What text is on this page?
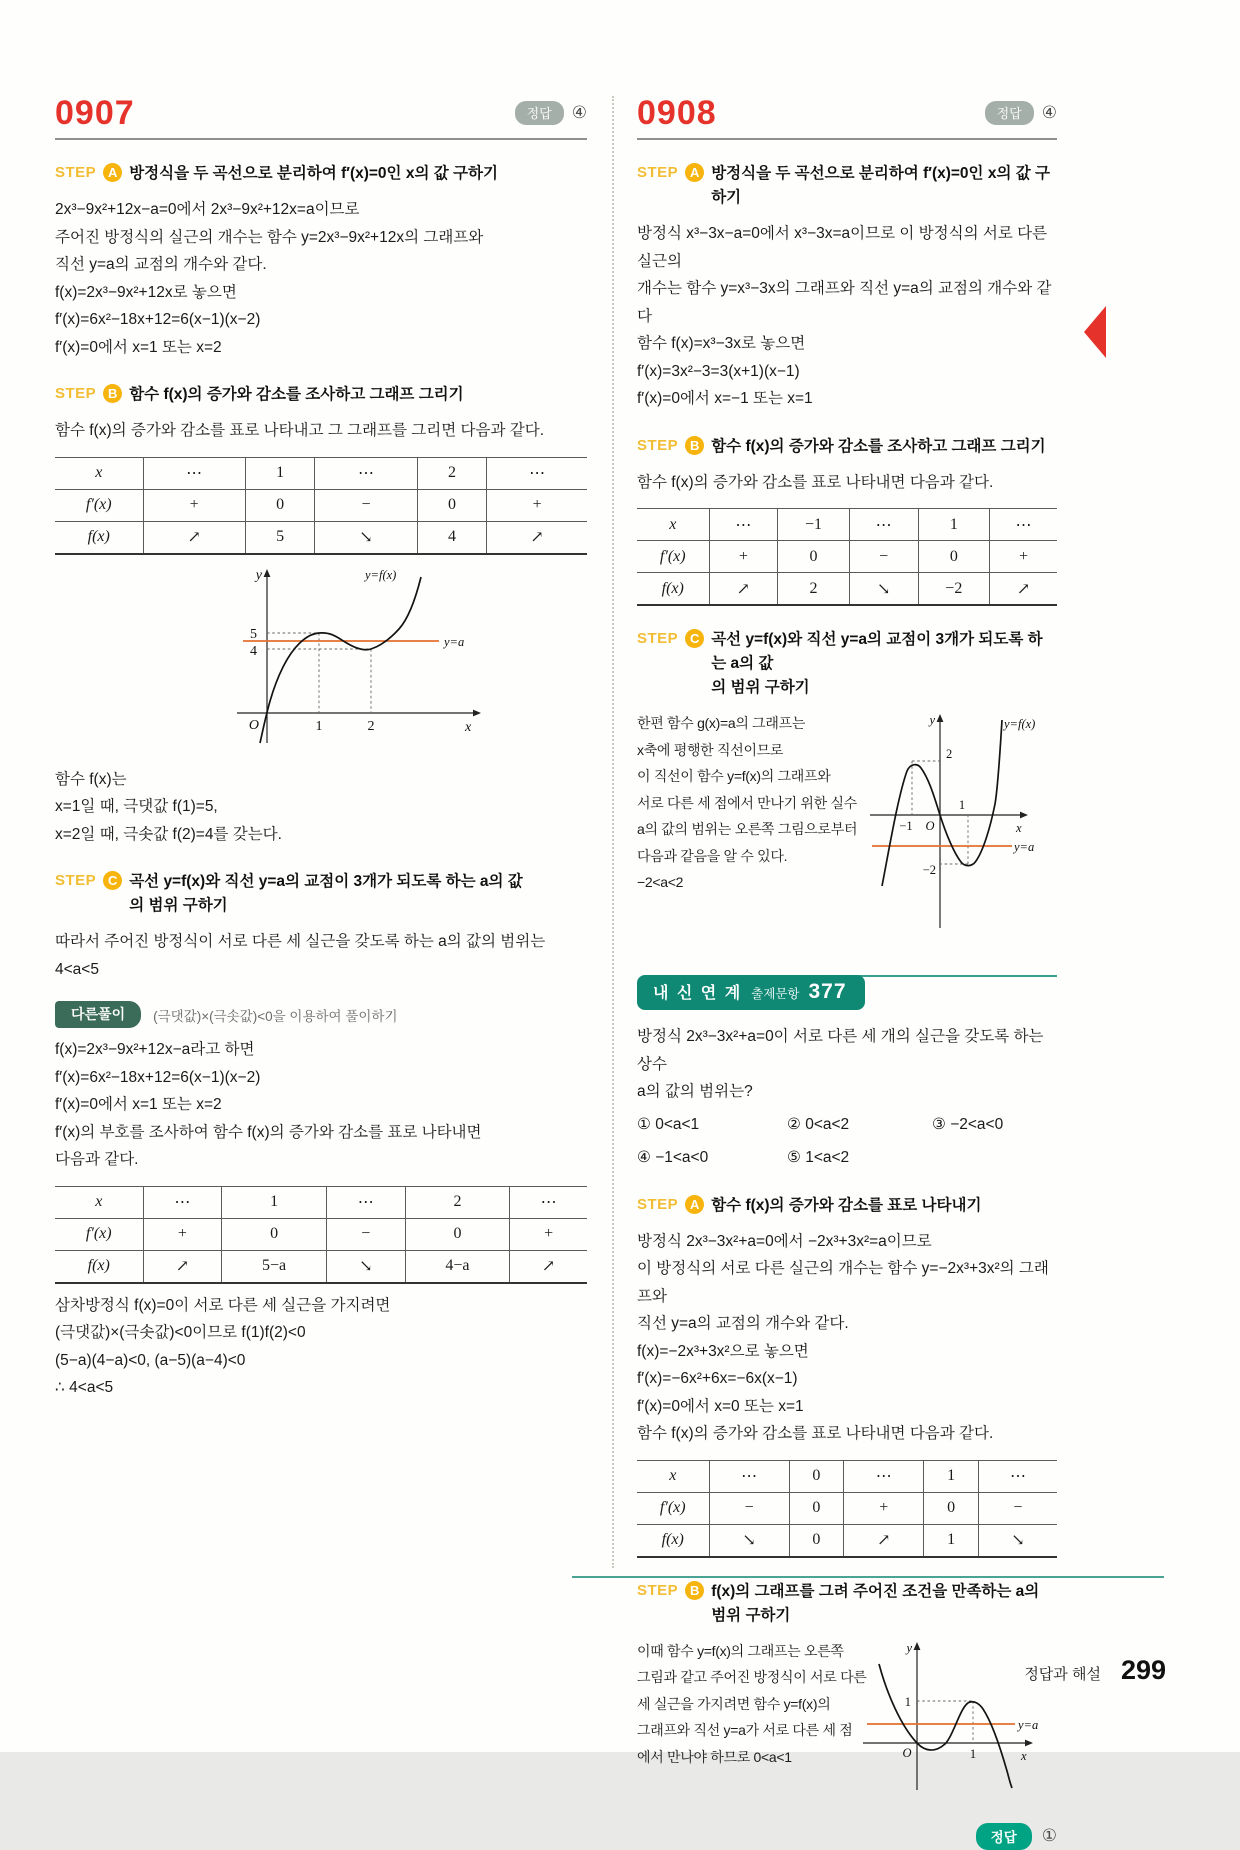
0907	정답	④
STEP A 방정식을 두 곡선으로 분리하여 f′(x)=0인 x의 값 구하기
2x³−9x²+12x−a=0에서 2x³−9x²+12x=a이므로
주어진 방정식의 실근의 개수는 함수 y=2x³−9x²+12x의 그래프와
직선 y=a의 교점의 개수와 같다.
f(x)=2x³−9x²+12x로 놓으면
f′(x)=6x²−18x+12=6(x−1)(x−2)
f′(x)=0에서 x=1 또는 x=2
STEP B 함수 f(x)의 증가와 감소를 조사하고 그래프 그리기
함수 f(x)의 증가와 감소를 표로 나타내고 그 그래프를 그리면 다음과 같다.
x	⋯	1	⋯	2	⋯
f′(x)	+	0	−	0	+
f(x)	↗	5	↘	4	↗
5
4
1	2
O
y
x
y=f(x)
y=a
함수 f(x)는
x=1일 때, 극댓값 f(1)=5,
x=2일 때, 극솟값 f(2)=4를 갖는다.
STEP C 곡선 y=f(x)와 직선 y=a의 교점이 3개가 되도록 하는 a의 값
의 범위 구하기
따라서 주어진 방정식이 서로 다른 세 실근을 갖도록 하는 a의 값의 범위는
4<a<5
다른풀이	(극댓값)×(극솟값)<0을 이용하여 풀이하기
f(x)=2x³−9x²+12x−a라고 하면
f′(x)=6x²−18x+12=6(x−1)(x−2)
f′(x)=0에서 x=1 또는 x=2
f′(x)의 부호를 조사하여 함수 f(x)의 증가와 감소를 표로 나타내면
다음과 같다.
x	⋯	1	⋯	2	⋯
f′(x)	+	0	−	0	+
f(x)	↗	5−a	↘	4−a	↗
삼차방정식 f(x)=0이 서로 다른 세 실근을 가지려면
(극댓값)×(극솟값)<0이므로 f(1)f(2)<0
(5−a)(4−a)<0, (a−5)(a−4)<0
∴ 4<a<5
0908	정답	④
STEP A 방정식을 두 곡선으로 분리하여 f′(x)=0인 x의 값 구하기
방정식 x³−3x−a=0에서 x³−3x=a이므로 이 방정식의 서로 다른 실근의
개수는 함수 y=x³−3x의 그래프와 직선 y=a의 교점의 개수와 같다
함수 f(x)=x³−3x로 놓으면
f′(x)=3x²−3=3(x+1)(x−1)
f′(x)=0에서 x=−1 또는 x=1
STEP B 함수 f(x)의 증가와 감소를 조사하고 그래프 그리기
함수 f(x)의 증가와 감소를 표로 나타내면 다음과 같다.
x	⋯	−1	⋯	1	⋯
f′(x)	+	0	−	0	+
f(x)	↗	2	↘	−2	↗
STEP C 곡선 y=f(x)와 직선 y=a의 교점이 3개가 되도록 하는 a의 값
의 범위 구하기
한편 함수 g(x)=a의 그래프는
x축에 평행한 직선이므로
이 직선이 함수 y=f(x)의 그래프와
서로 다른 세 점에서 만나기 위한 실수
a의 값의 범위는 오른쪽 그림으로부터
다음과 같음을 알 수 있다.
−2<a<2
2
1
−1 O
−2
y
x
y=f(x)
y=a
내 신 연 계 출제문항 377
방정식 2x³−3x²+a=0이 서로 다른 세 개의 실근을 갖도록 하는 상수
a의 값의 범위는?
① 0<a<1	② 0<a<2	③ −2<a<0
④ −1<a<0	⑤ 1<a<2
STEP A 함수 f(x)의 증가와 감소를 표로 나타내기
방정식 2x³−3x²+a=0에서 −2x³+3x²=a이므로
이 방정식의 서로 다른 실근의 개수는 함수 y=−2x³+3x²의 그래프와
직선 y=a의 교점의 개수와 같다.
f(x)=−2x³+3x²으로 놓으면
f′(x)=−6x²+6x=−6x(x−1)
f′(x)=0에서 x=0 또는 x=1
함수 f(x)의 증가와 감소를 표로 나타내면 다음과 같다.
x	⋯	0	⋯	1	⋯
f′(x)	−	0	+	0	−
f(x)	↘	0	↗	1	↘
STEP B f(x)의 그래프를 그려 주어진 조건을 만족하는 a의 범위 구하기
이때 함수 y=f(x)의 그래프는 오른쪽
그림과 같고 주어진 방정식이 서로 다른
세 실근을 가지려면 함수 y=f(x)의
그래프와 직선 y=a가 서로 다른 세 점
에서 만나야 하므로 0<a<1
1
1
O
y
x
y=a
정답	①
정답과 해설 299
